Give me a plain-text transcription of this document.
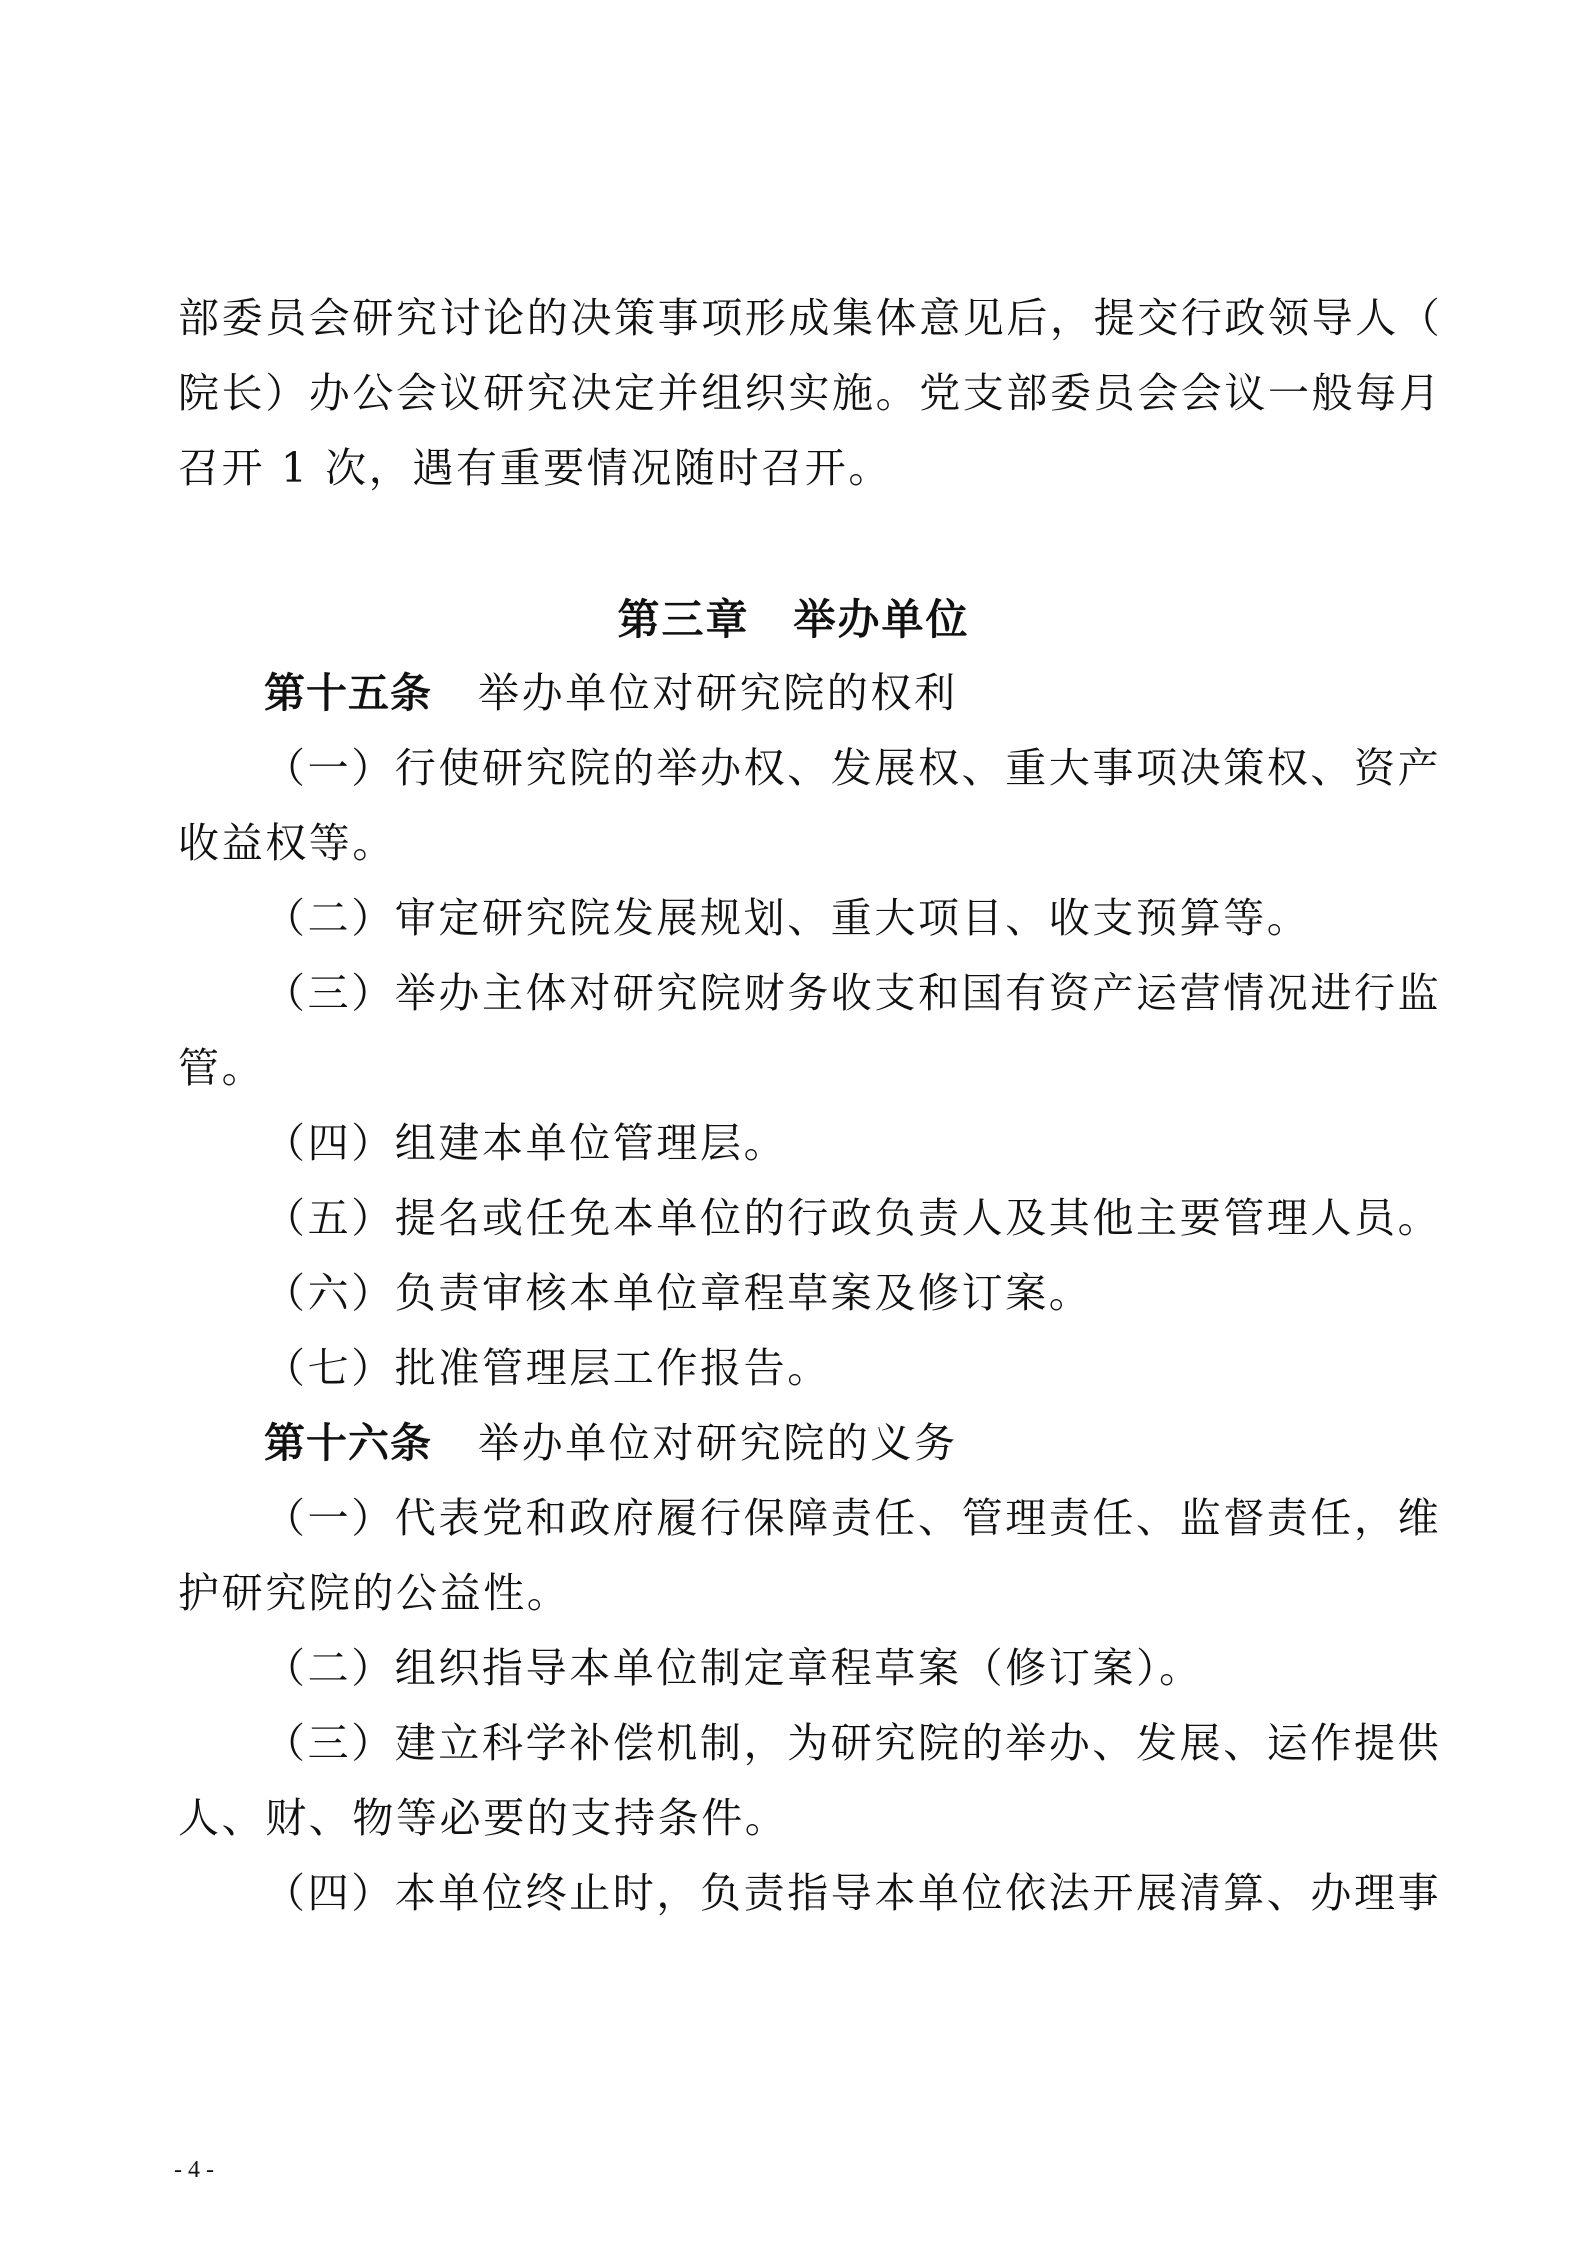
部委员会研究讨论的决策事项形成集体意见后，提交行政领导人（
院长）办公会议研究决定并组织实施。党支部委员会会议一般每月
召开 1 次，遇有重要情况随时召开。
第三章　举办单位
第十五条 举办单位对研究院的权利
（一）行使研究院的举办权、发展权、重大事项决策权、资产
收益权等。
（二）审定研究院发展规划、重大项目、收支预算等。
（三）举办主体对研究院财务收支和国有资产运营情况进行监
管。
（四）组建本单位管理层。
（五）提名或任免本单位的行政负责人及其他主要管理人员。
（六）负责审核本单位章程草案及修订案。
（七）批准管理层工作报告。
第十六条 举办单位对研究院的义务
（一）代表党和政府履行保障责任、管理责任、监督责任，维
护研究院的公益性。
（二）组织指导本单位制定章程草案（修订案）。
（三）建立科学补偿机制，为研究院的举办、发展、运作提供
人、财、物等必要的支持条件。
（四）本单位终止时，负责指导本单位依法开展清算、办理事
- 4 -
